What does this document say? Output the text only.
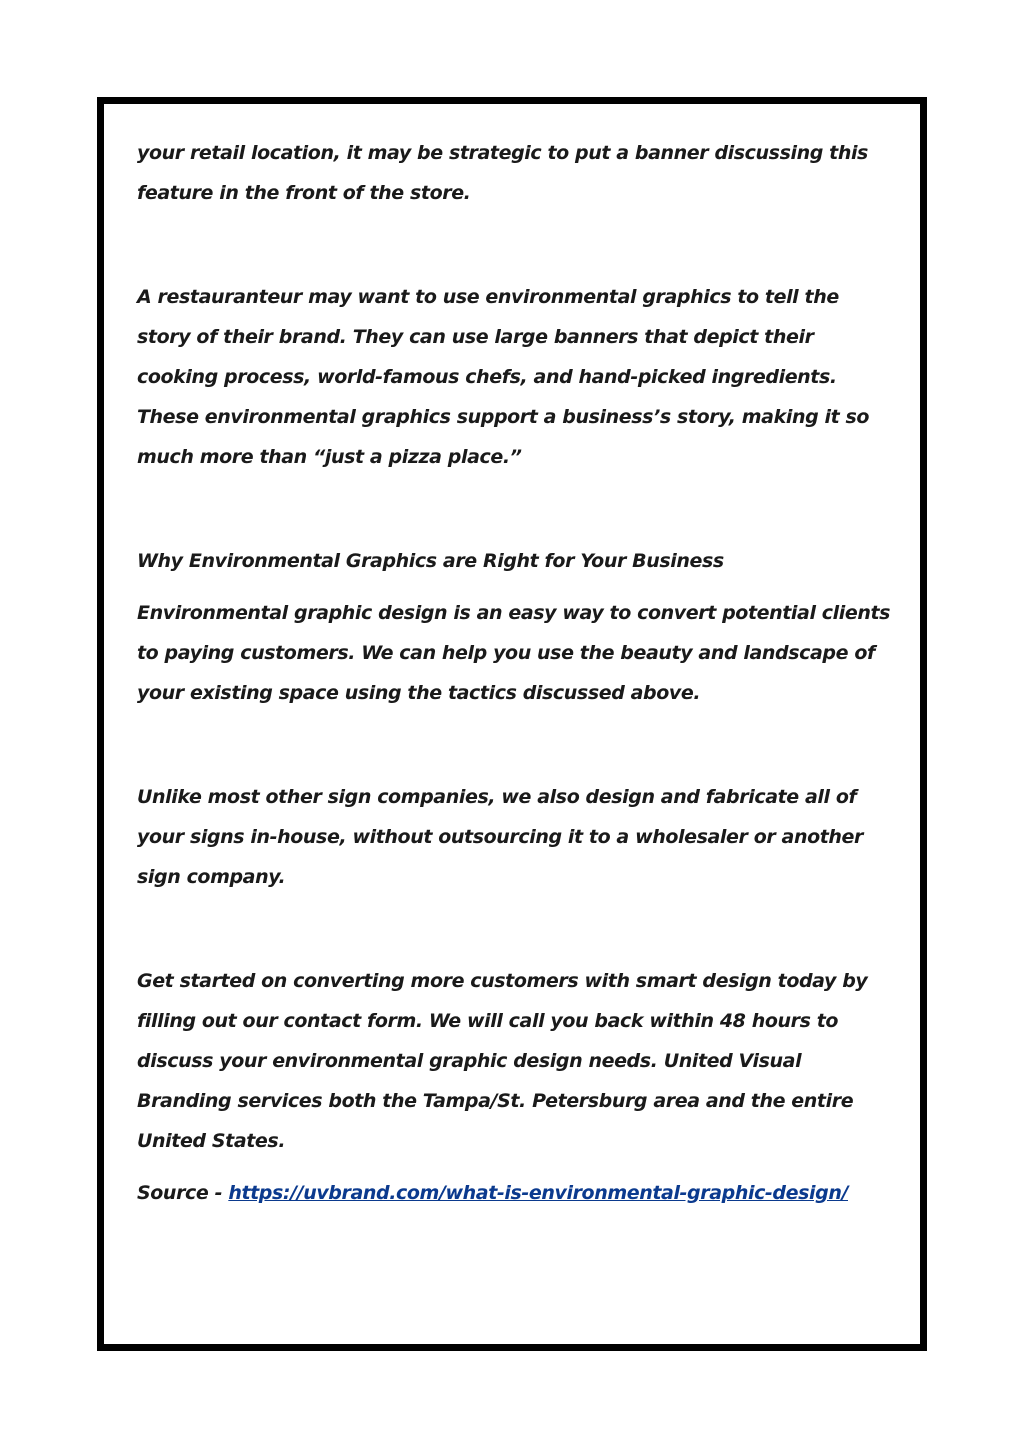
your retail location, it may be strategic to put a banner discussing this feature in the front of the store.

A restauranteur may want to use environmental graphics to tell the story of their brand. They can use large banners that depict their cooking process, world-famous chefs, and hand-picked ingredients. These environmental graphics support a business’s story, making it so much more than “just a pizza place.”

Why Environmental Graphics are Right for Your Business

Environmental graphic design is an easy way to convert potential clients to paying customers. We can help you use the beauty and landscape of your existing space using the tactics discussed above.

Unlike most other sign companies, we also design and fabricate all of your signs in-house, without outsourcing it to a wholesaler or another sign company.

Get started on converting more customers with smart design today by filling out our contact form. We will call you back within 48 hours to discuss your environmental graphic design needs. United Visual Branding services both the Tampa/St. Petersburg area and the entire United States.

Source - https://uvbrand.com/what-is-environmental-graphic-design/
